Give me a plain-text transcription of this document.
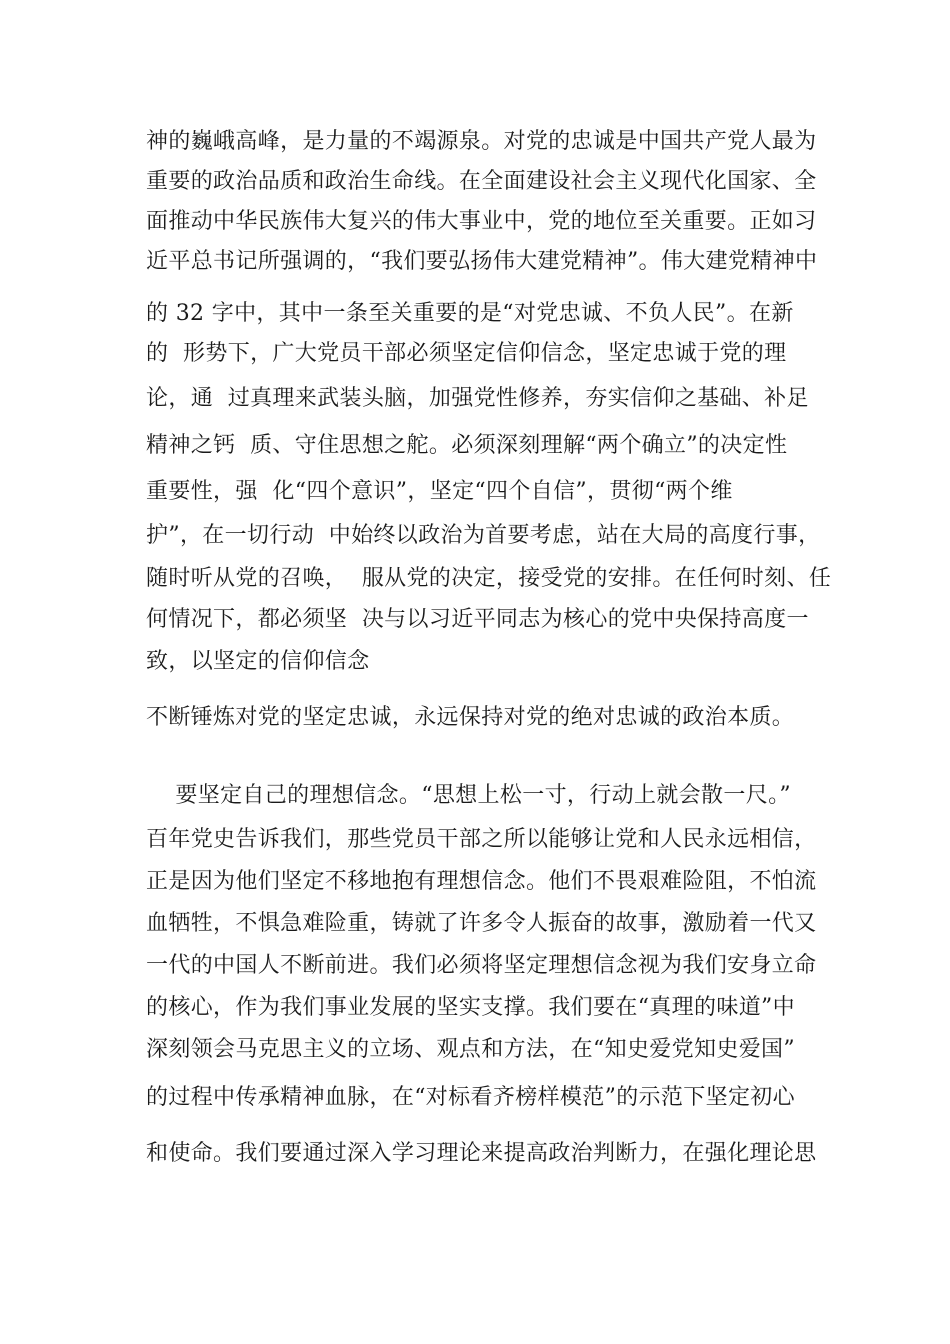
神的巍峨高峰，是力量的不竭源泉。对党的忠诚是中国共产党人最为
重要的政治品质和政治生命线。在全面建设社会主义现代化国家、全
面推动中华民族伟大复兴的伟大事业中，党的地位至关重要。正如习
近平总书记所强调的，“我们要弘扬伟大建党精神”。伟大建党精神中
的 32 字中，其中一条至关重要的是“对党忠诚、不负人民”。在新
的  形势下，广大党员干部必须坚定信仰信念，坚定忠诚于党的理
论，通  过真理来武装头脑，加强党性修养，夯实信仰之基础、补足
精神之钙  质、守住思想之舵。必须深刻理解“两个确立”的决定性
重要性，强  化“四个意识”，坚定“四个自信”，贯彻“两个维
护”，在一切行动  中始终以政治为首要考虑，站在大局的高度行事，
随时听从党的召唤，  服从党的决定，接受党的安排。在任何时刻、任
何情况下，都必须坚  决与以习近平同志为核心的党中央保持高度一
致，以坚定的信仰信念
不断锤炼对党的坚定忠诚，永远保持对党的绝对忠诚的政治本质。
要坚定自己的理想信念。“思想上松一寸，行动上就会散一尺。”
百年党史告诉我们，那些党员干部之所以能够让党和人民永远相信，
正是因为他们坚定不移地抱有理想信念。他们不畏艰难险阻，不怕流
血牺牲，不惧急难险重，铸就了许多令人振奋的故事，激励着一代又
一代的中国人不断前进。我们必须将坚定理想信念视为我们安身立命
的核心，作为我们事业发展的坚实支撑。我们要在“真理的味道”中
深刻领会马克思主义的立场、观点和方法，在“知史爱党知史爱国”
的过程中传承精神血脉，在“对标看齐榜样模范”的示范下坚定初心
和使命。我们要通过深入学习理论来提高政治判断力，在强化理论思
